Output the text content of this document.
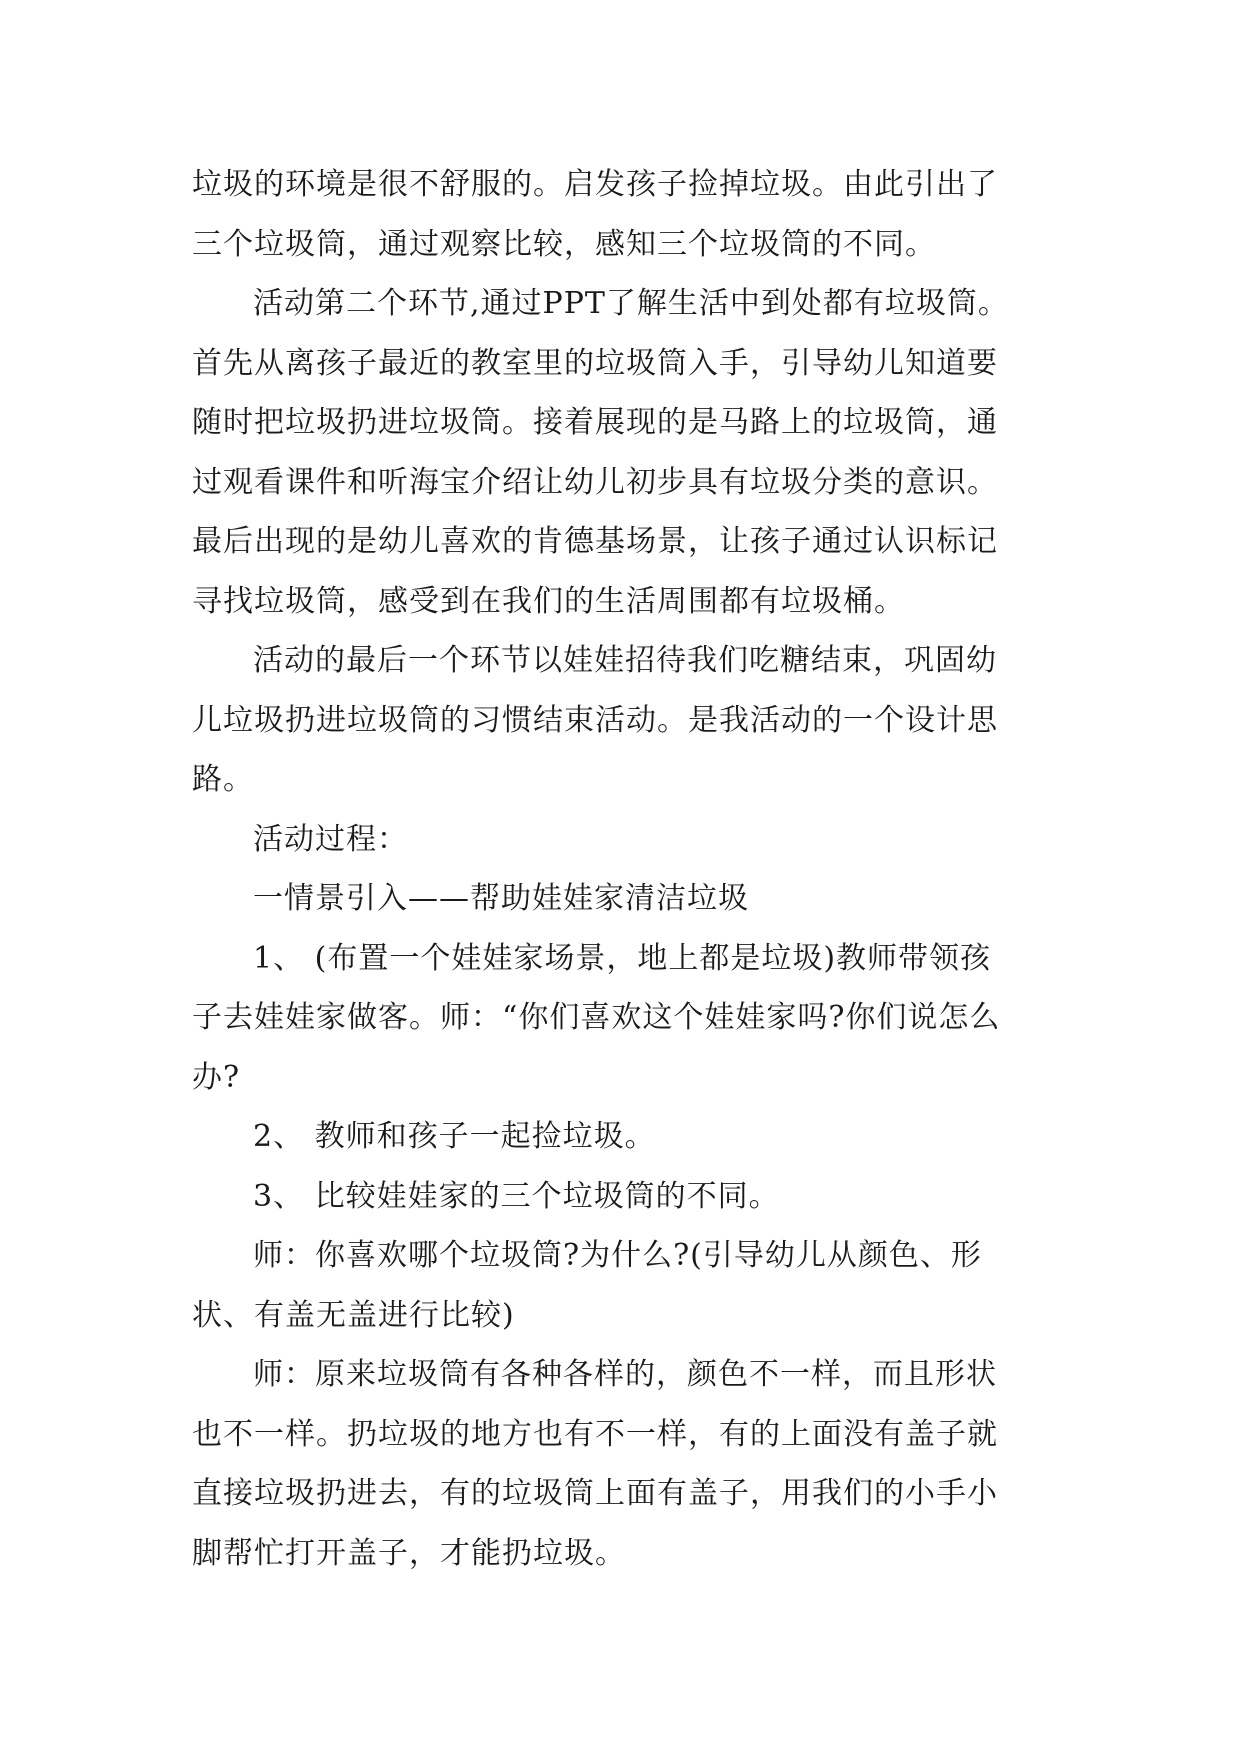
垃圾的环境是很不舒服的。启发孩子捡掉垃圾。由此引出了
三个垃圾筒，通过观察比较，感知三个垃圾筒的不同。
活动第二个环节,通过PPT了解生活中到处都有垃圾筒。
首先从离孩子最近的教室里的垃圾筒入手，引导幼儿知道要
随时把垃圾扔进垃圾筒。接着展现的是马路上的垃圾筒，通
过观看课件和听海宝介绍让幼儿初步具有垃圾分类的意识。
最后出现的是幼儿喜欢的肯德基场景，让孩子通过认识标记
寻找垃圾筒，感受到在我们的生活周围都有垃圾桶。
活动的最后一个环节以娃娃招待我们吃糖结束，巩固幼
儿垃圾扔进垃圾筒的习惯结束活动。是我活动的一个设计思
路。
活动过程：
一情景引入——帮助娃娃家清洁垃圾
1、 (布置一个娃娃家场景，地上都是垃圾)教师带领孩
子去娃娃家做客。师：“你们喜欢这个娃娃家吗?你们说怎么
办?
2、 教师和孩子一起捡垃圾。
3、 比较娃娃家的三个垃圾筒的不同。
师：你喜欢哪个垃圾筒?为什么?(引导幼儿从颜色、形
状、有盖无盖进行比较)
师：原来垃圾筒有各种各样的，颜色不一样，而且形状
也不一样。扔垃圾的地方也有不一样，有的上面没有盖子就
直接垃圾扔进去，有的垃圾筒上面有盖子，用我们的小手小
脚帮忙打开盖子，才能扔垃圾。
